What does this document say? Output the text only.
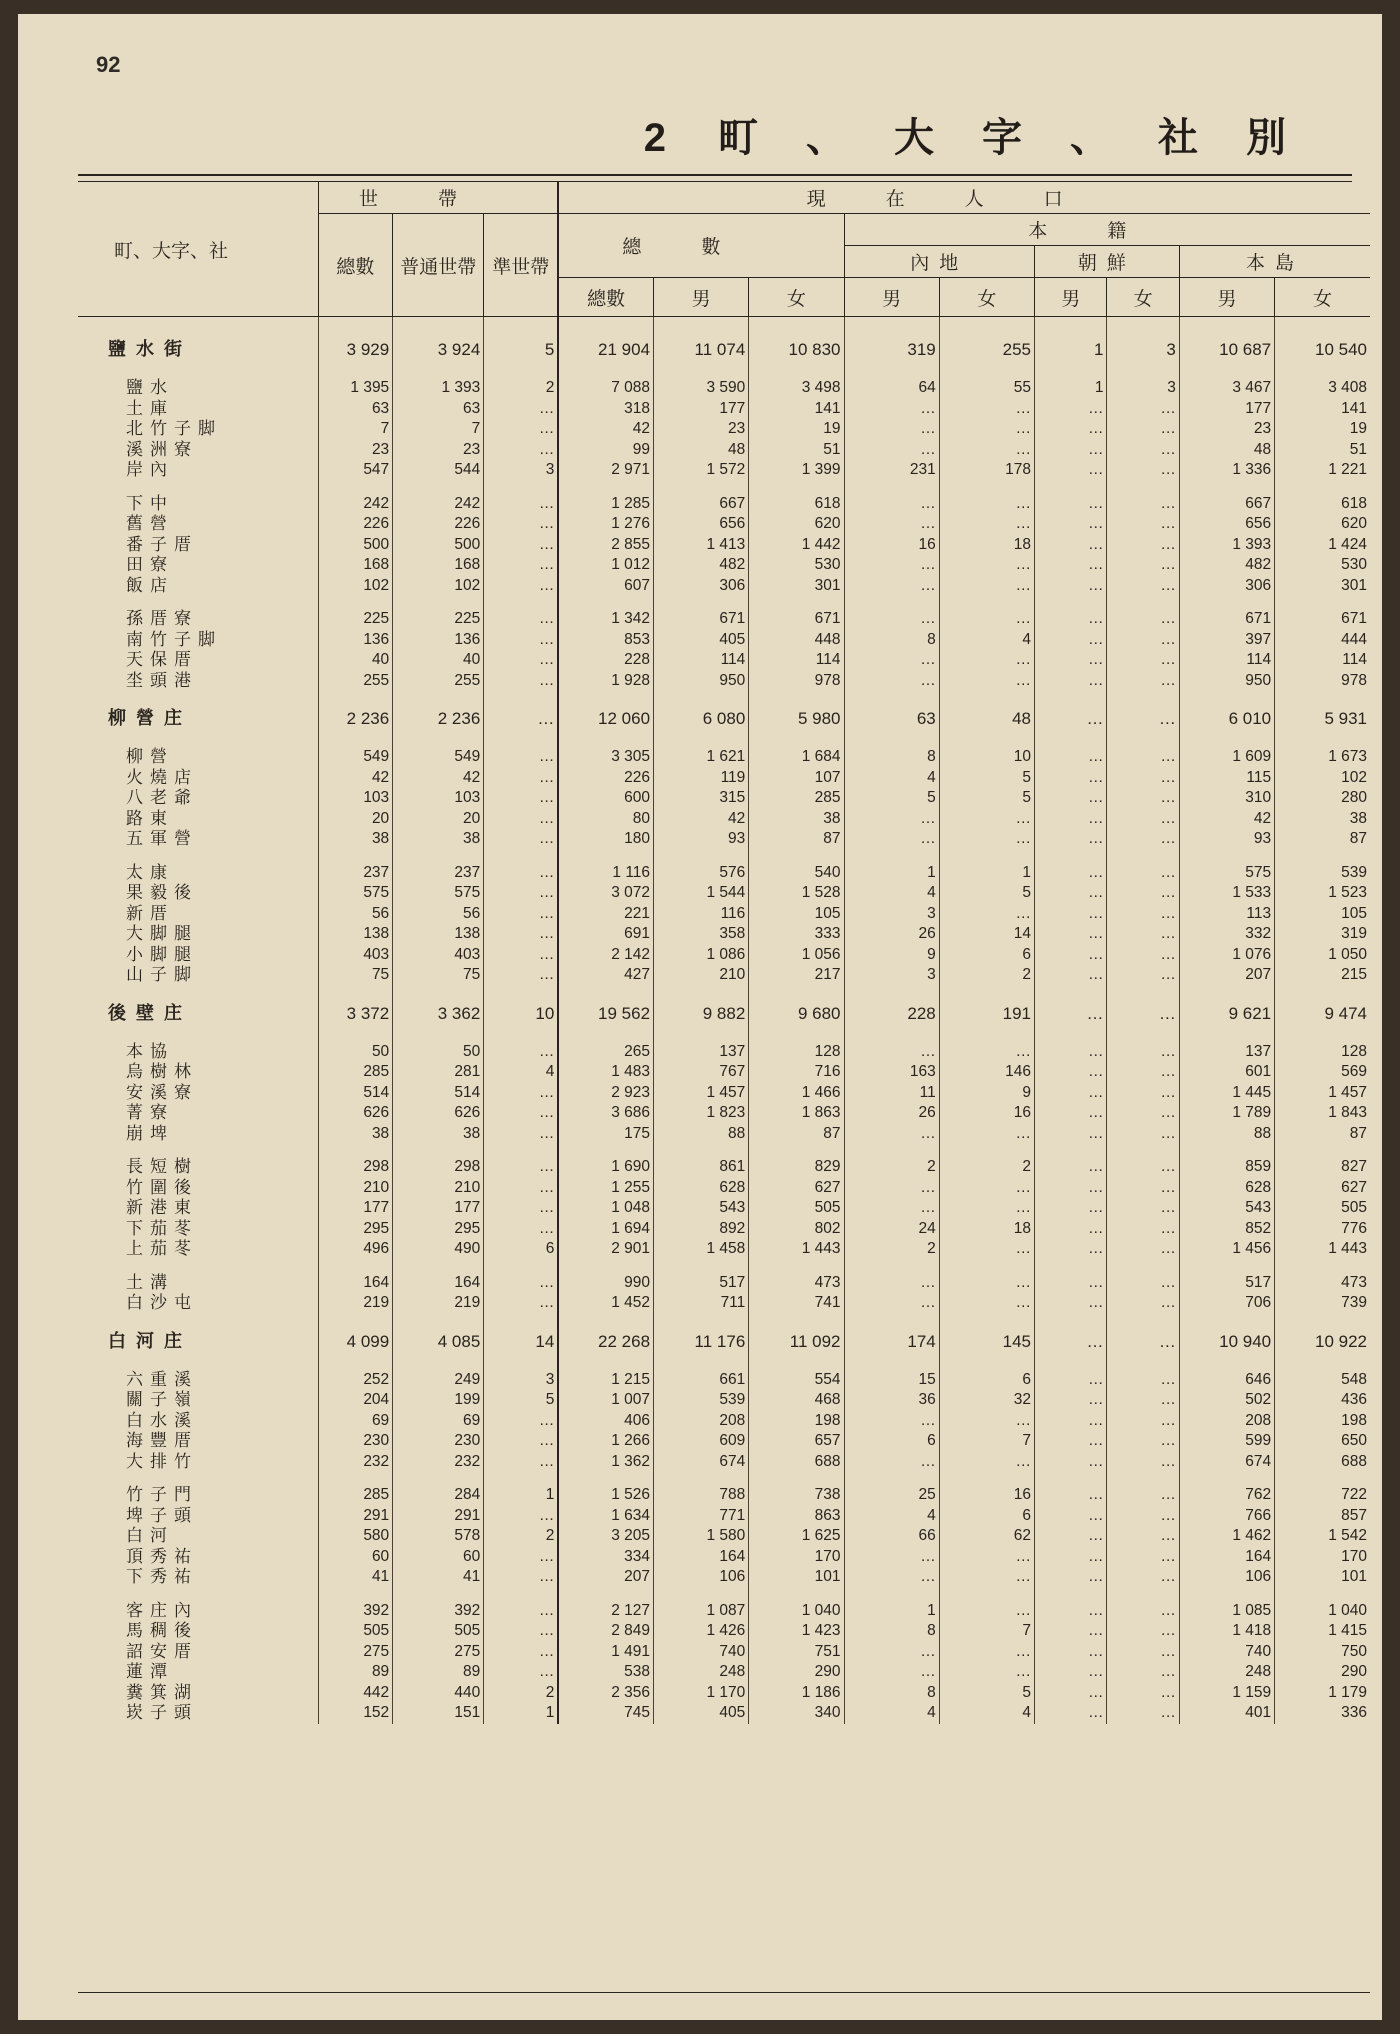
92
2 町、大字、社別
町、大字、社	世帶			現在人口								
	總數	普通世帶	準世帶	總數			本籍					
							內地		朝鮮		本島	
				總數	男	女	男	女	男	女	男	女

鹽水街	3 929	3 924	5	21 904	11 074	10 830	319	255	1	3	10 687	10 540

鹽水	1 395	1 393	2	7 088	3 590	3 498	64	55	1	3	3 467	3 408
土庫	63	63	…	318	177	141	…	…	…	…	177	141
北竹子脚	7	7	…	42	23	19	…	…	…	…	23	19
溪洲寮	23	23	…	99	48	51	…	…	…	…	48	51
岸內	547	544	3	2 971	1 572	1 399	231	178	…	…	1 336	1 221

下中	242	242	…	1 285	667	618	…	…	…	…	667	618
舊營	226	226	…	1 276	656	620	…	…	…	…	656	620
番子厝	500	500	…	2 855	1 413	1 442	16	18	…	…	1 393	1 424
田寮	168	168	…	1 012	482	530	…	…	…	…	482	530
飯店	102	102	…	607	306	301	…	…	…	…	306	301

孫厝寮	225	225	…	1 342	671	671	…	…	…	…	671	671
南竹子脚	136	136	…	853	405	448	8	4	…	…	397	444
天保厝	40	40	…	228	114	114	…	…	…	…	114	114
坔頭港	255	255	…	1 928	950	978	…	…	…	…	950	978

柳營庄	2 236	2 236	…	12 060	6 080	5 980	63	48	…	…	6 010	5 931

柳營	549	549	…	3 305	1 621	1 684	8	10	…	…	1 609	1 673
火燒店	42	42	…	226	119	107	4	5	…	…	115	102
八老爺	103	103	…	600	315	285	5	5	…	…	310	280
路東	20	20	…	80	42	38	…	…	…	…	42	38
五軍營	38	38	…	180	93	87	…	…	…	…	93	87

太康	237	237	…	1 116	576	540	1	1	…	…	575	539
果毅後	575	575	…	3 072	1 544	1 528	4	5	…	…	1 533	1 523
新厝	56	56	…	221	116	105	3	…	…	…	113	105
大脚腿	138	138	…	691	358	333	26	14	…	…	332	319
小脚腿	403	403	…	2 142	1 086	1 056	9	6	…	…	1 076	1 050
山子脚	75	75	…	427	210	217	3	2	…	…	207	215

後壁庄	3 372	3 362	10	19 562	9 882	9 680	228	191	…	…	9 621	9 474

本協	50	50	…	265	137	128	…	…	…	…	137	128
烏樹林	285	281	4	1 483	767	716	163	146	…	…	601	569
安溪寮	514	514	…	2 923	1 457	1 466	11	9	…	…	1 445	1 457
菁寮	626	626	…	3 686	1 823	1 863	26	16	…	…	1 789	1 843
崩埤	38	38	…	175	88	87	…	…	…	…	88	87

長短樹	298	298	…	1 690	861	829	2	2	…	…	859	827
竹圍後	210	210	…	1 255	628	627	…	…	…	…	628	627
新港東	177	177	…	1 048	543	505	…	…	…	…	543	505
下茄苳	295	295	…	1 694	892	802	24	18	…	…	852	776
上茄苳	496	490	6	2 901	1 458	1 443	2	…	…	…	1 456	1 443

土溝	164	164	…	990	517	473	…	…	…	…	517	473
白沙屯	219	219	…	1 452	711	741	…	…	…	…	706	739

白河庄	4 099	4 085	14	22 268	11 176	11 092	174	145	…	…	10 940	10 922

六重溪	252	249	3	1 215	661	554	15	6	…	…	646	548
關子嶺	204	199	5	1 007	539	468	36	32	…	…	502	436
白水溪	69	69	…	406	208	198	…	…	…	…	208	198
海豐厝	230	230	…	1 266	609	657	6	7	…	…	599	650
大排竹	232	232	…	1 362	674	688	…	…	…	…	674	688

竹子門	285	284	1	1 526	788	738	25	16	…	…	762	722
埤子頭	291	291	…	1 634	771	863	4	6	…	…	766	857
白河	580	578	2	3 205	1 580	1 625	66	62	…	…	1 462	1 542
頂秀祐	60	60	…	334	164	170	…	…	…	…	164	170
下秀祐	41	41	…	207	106	101	…	…	…	…	106	101

客庄內	392	392	…	2 127	1 087	1 040	1	…	…	…	1 085	1 040
馬稠後	505	505	…	2 849	1 426	1 423	8	7	…	…	1 418	1 415
詔安厝	275	275	…	1 491	740	751	…	…	…	…	740	750
蓮潭	89	89	…	538	248	290	…	…	…	…	248	290
糞箕湖	442	440	2	2 356	1 170	1 186	8	5	…	…	1 159	1 179
崁子頭	152	151	1	745	405	340	4	4	…	…	401	336
